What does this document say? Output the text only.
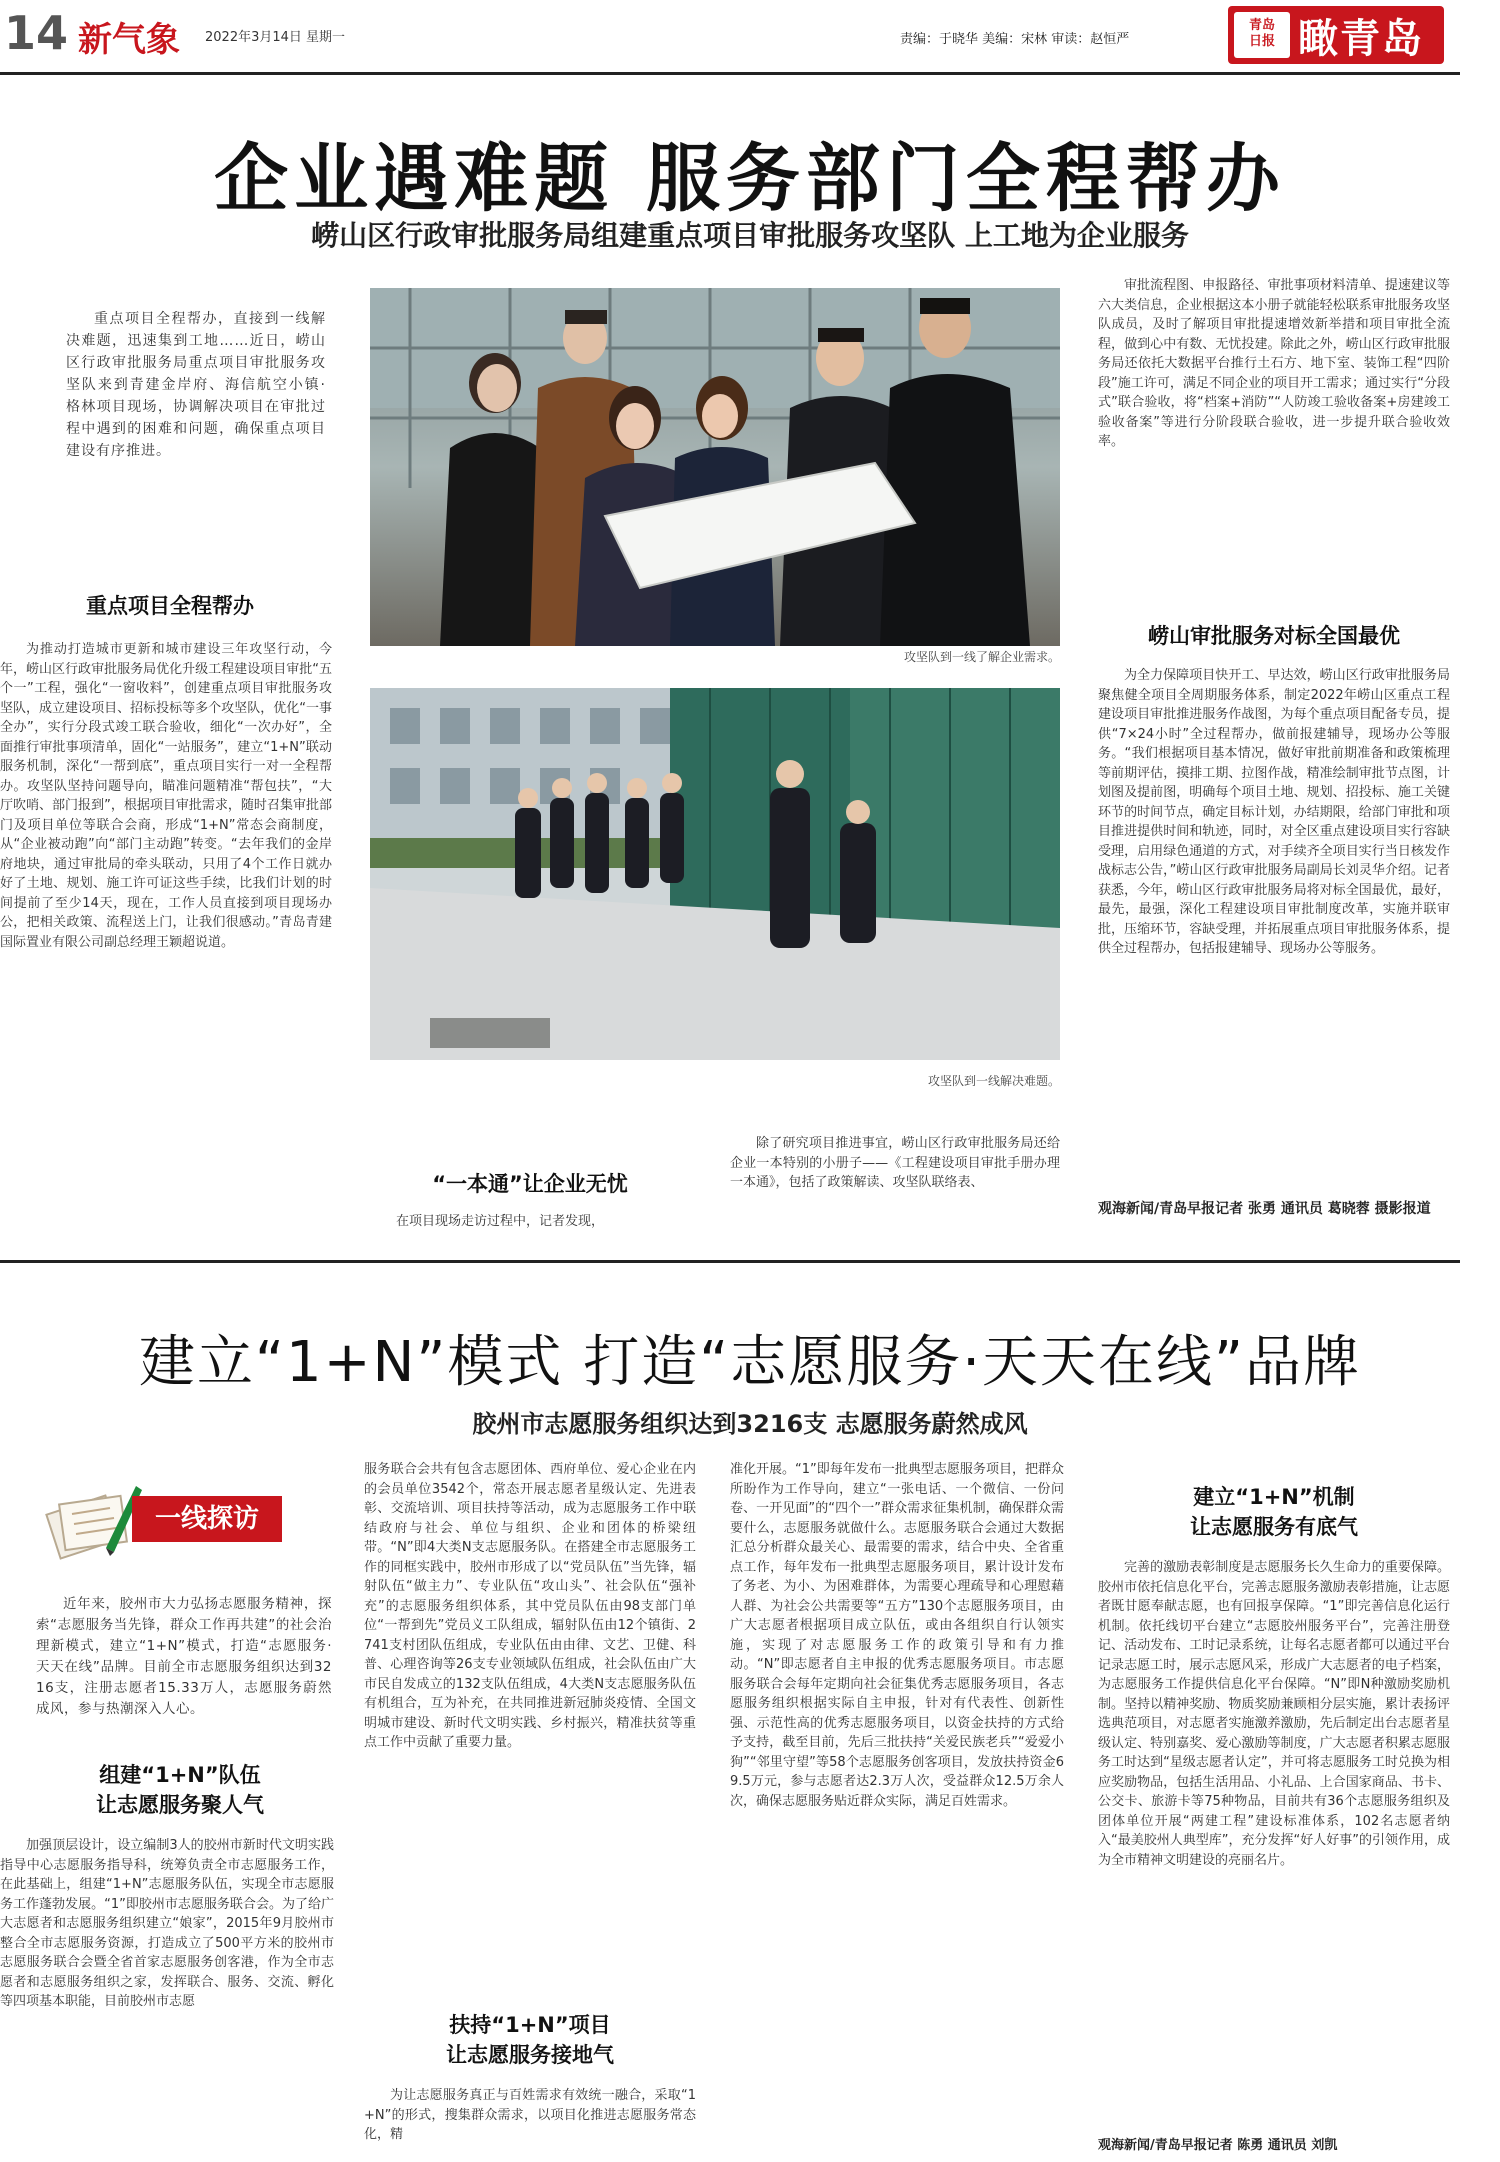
14 新气象 2022年3月14日 星期一	责编：于晓华 美编：宋林 审读：赵恒严
青岛
日报 瞰青岛
企业遇难题 服务部门全程帮办
崂山区行政审批服务局组建重点项目审批服务攻坚队 上工地为企业服务

重点项目全程帮办，直接到一线解决难题，迅速集到工地……近日，崂山区行政审批服务局重点项目审批服务攻坚队来到青建金岸府、海信航空小镇·格林项目现场，协调解决项目在审批过程中遇到的困难和问题，确保重点项目建设有序推进。

重点项目全程帮办

为推动打造城市更新和城市建设三年攻坚行动，今年，崂山区行政审批服务局优化升级工程建设项目审批“五个一”工程，强化“一窗收料”，创建重点项目审批服务攻坚队，成立建设项目、招标投标等多个攻坚队，优化“一事全办”，实行分段式竣工联合验收，细化“一次办好”，全面推行审批事项清单，固化“一站服务”，建立“1+N”联动服务机制，深化“一帮到底”，重点项目实行一对一全程帮办。攻坚队坚持问题导向，瞄准问题精准“帮包扶”，“大厅吹哨、部门报到”，根据项目审批需求，随时召集审批部门及项目单位等联合会商，形成“1+N”常态会商制度，从“企业被动跑”向“部门主动跑”转变。“去年我们的金岸府地块，通过审批局的牵头联动，只用了4个工作日就办好了土地、规划、施工许可证这些手续，比我们计划的时间提前了至少14天，现在，工作人员直接到项目现场办公，把相关政策、流程送上门，让我们很感动。”青岛青建国际置业有限公司副总经理王颖超说道。

攻坚队到一线了解企业需求。
攻坚队到一线解决难题。
“一本通”让企业无忧

在项目现场走访过程中，记者发现，

除了研究项目推进事宜，崂山区行政审批服务局还给企业一本特别的小册子——《工程建设项目审批手册办理一本通》，包括了政策解读、攻坚队联络表、

审批流程图、申报路径、审批事项材料清单、提速建议等六大类信息，企业根据这本小册子就能轻松联系审批服务攻坚队成员，及时了解项目审批提速增效新举措和项目审批全流程，做到心中有数、无忧投建。除此之外，崂山区行政审批服务局还依托大数据平台推行土石方、地下室、装饰工程“四阶段”施工许可，满足不同企业的项目开工需求；通过实行“分段式”联合验收，将“档案+消防”“人防竣工验收备案+房建竣工验收备案”等进行分阶段联合验收，进一步提升联合验收效率。

崂山审批服务对标全国最优

为全力保障项目快开工、早达效，崂山区行政审批服务局聚焦健全项目全周期服务体系，制定2022年崂山区重点工程建设项目审批推进服务作战图，为每个重点项目配备专员，提供“7×24小时”全过程帮办，做前报建辅导，现场办公等服务。“我们根据项目基本情况，做好审批前期准备和政策梳理等前期评估，摸排工期、拉图作战，精准绘制审批节点图，计划图及提前图，明确每个项目土地、规划、招投标、施工关键环节的时间节点，确定目标计划，办结期限，给部门审批和项目推进提供时间和轨迹，同时，对全区重点建设项目实行容缺受理，启用绿色通道的方式，对手续齐全项目实行当日核发作战标志公告，”崂山区行政审批服务局副局长刘灵华介绍。记者获悉，今年，崂山区行政审批服务局将对标全国最优，最好，最先，最强，深化工程建设项目审批制度改革，实施并联审批，压缩环节，容缺受理，并拓展重点项目审批服务体系，提供全过程帮办，包括报建辅导、现场办公等服务。

观海新闻/青岛早报记者 张勇 通讯员 葛晓蓉 摄影报道
建立“1+N”模式 打造“志愿服务·天天在线”品牌
胶州市志愿服务组织达到3216支 志愿服务蔚然成风
一线探访

近年来，胶州市大力弘扬志愿服务精神，探索“志愿服务当先锋，群众工作再共建”的社会治理新模式，建立“1+N”模式，打造“志愿服务·天天在线”品牌。目前全市志愿服务组织达到3216支，注册志愿者15.33万人，志愿服务蔚然成风，参与热潮深入人心。

组建“1+N”队伍
让志愿服务聚人气

加强顶层设计，设立编制3人的胶州市新时代文明实践指导中心志愿服务指导科，统筹负责全市志愿服务工作，在此基础上，组建“1+N”志愿服务队伍，实现全市志愿服务工作蓬勃发展。“1”即胶州市志愿服务联合会。为了给广大志愿者和志愿服务组织建立“娘家”，2015年9月胶州市整合全市志愿服务资源，打造成立了500平方米的胶州市志愿服务联合会暨全省首家志愿服务创客港，作为全市志愿者和志愿服务组织之家，发挥联合、服务、交流、孵化等四项基本职能，目前胶州市志愿

服务联合会共有包含志愿团体、西府单位、爱心企业在内的会员单位3542个，常态开展志愿者星级认定、先进表彰、交流培训、项目扶持等活动，成为志愿服务工作中联结政府与社会、单位与组织、企业和团体的桥梁纽带。“N”即4大类N支志愿服务队。在搭建全市志愿服务工作的同框实践中，胶州市形成了以“党员队伍”当先锋，辐射队伍“做主力”、专业队伍“攻山头”、社会队伍“强补充”的志愿服务组织体系，其中党员队伍由98支部门单位“一帮到先”党员义工队组成，辐射队伍由12个镇街、2741支村团队伍组成，专业队伍由由律、文艺、卫健、科普、心理咨询等26支专业领域队伍组成，社会队伍由广大市民自发成立的132支队伍组成，4大类N支志愿服务队伍有机组合，互为补充，在共同推进新冠肺炎疫情、全国文明城市建设、新时代文明实践、乡村振兴，精准扶贫等重点工作中贡献了重要力量。

扶持“1+N”项目
让志愿服务接地气

为让志愿服务真正与百姓需求有效统一融合，采取“1+N”的形式，搜集群众需求，以项目化推进志愿服务常态化，精

准化开展。“1”即每年发布一批典型志愿服务项目，把群众所盼作为工作导向，建立“一张电话、一个微信、一份问卷、一开见面”的“四个一”群众需求征集机制，确保群众需要什么，志愿服务就做什么。志愿服务联合会通过大数据汇总分析群众最关心、最需要的需求，结合中央、全省重点工作，每年发布一批典型志愿服务项目，累计设计发布了务老、为小、为困难群体，为需要心理疏导和心理慰藉人群、为社会公共需要等“五方”130个志愿服务项目，由广大志愿者根据项目成立队伍，或由各组织自行认领实施，实现了对志愿服务工作的政策引导和有力推动。“N”即志愿者自主申报的优秀志愿服务项目。市志愿服务联合会每年定期向社会征集优秀志愿服务项目，各志愿服务组织根据实际自主申报，针对有代表性、创新性强、示范性高的优秀志愿服务项目，以资金扶持的方式给予支持，截至目前，先后三批扶持“关爱民族老兵”“爱爱小狗”“邻里守望”等58个志愿服务创客项目，发放扶持资金69.5万元，参与志愿者达2.3万人次，受益群众12.5万余人次，确保志愿服务贴近群众实际，满足百姓需求。

建立“1+N”机制
让志愿服务有底气

完善的激励表彰制度是志愿服务长久生命力的重要保障。胶州市依托信息化平台，完善志愿服务激励表彰措施，让志愿者既甘愿奉献志愿，也有回报享保障。“1”即完善信息化运行机制。依托线切平台建立“志愿胶州服务平台”，完善注册登记、活动发布、工时记录系统，让每名志愿者都可以通过平台记录志愿工时，展示志愿风采，形成广大志愿者的电子档案，为志愿服务工作提供信息化平台保障。“N”即N种激励奖励机制。坚持以精神奖励、物质奖励兼顾相分层实施，累计表扬评选典范项目，对志愿者实施激养激励，先后制定出台志愿者星级认定、特别嘉奖、爱心激励等制度，广大志愿者积累志愿服务工时达到“星级志愿者认定”，并可将志愿服务工时兑换为相应奖励物品，包括生活用品、小礼品、上合国家商品、书卡、公交卡、旅游卡等75种物品，目前共有36个志愿服务组织及团体单位开展“两建工程”建设标准体系，102名志愿者纳入“最美胶州人典型库”，充分发挥“好人好事”的引领作用，成为全市精神文明建设的亮丽名片。

观海新闻/青岛早报记者 陈勇 通讯员 刘凯
